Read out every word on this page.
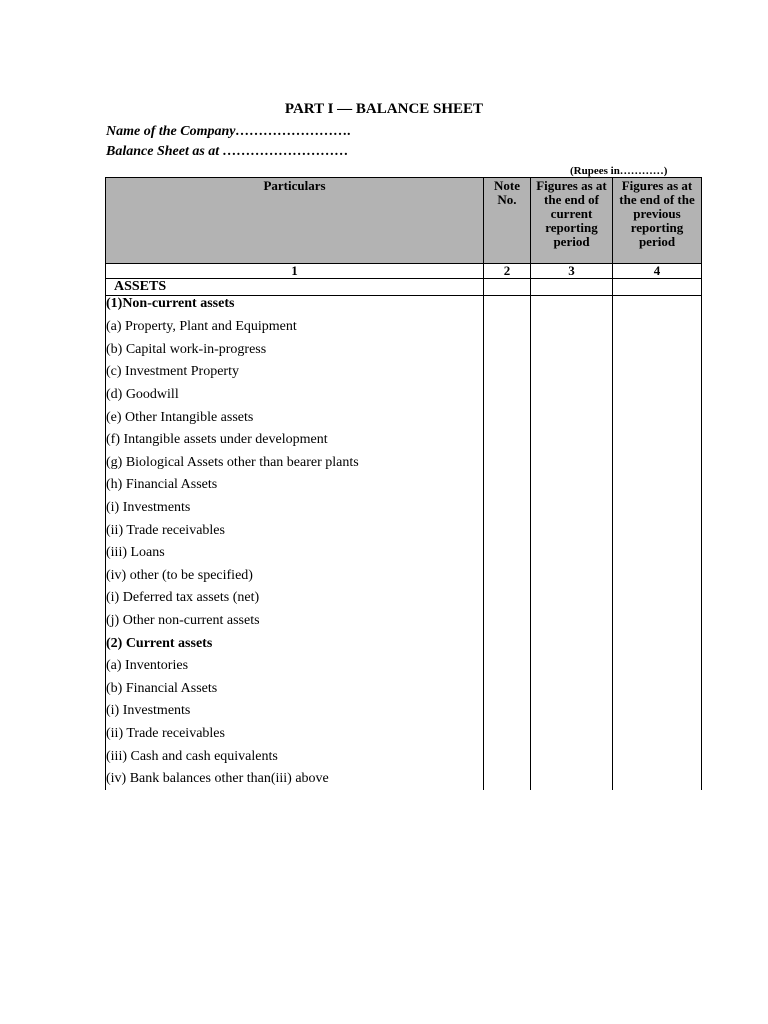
PART I — BALANCE SHEET
Name of the Company…………………….
Balance Sheet as at ………………………
(Rupees in…………)
Particulars	Note No.	Figures as at the end of current reporting period	Figures as at the end of the previous reporting period
1	2	3	4
ASSETS			
(1)Non-current assets			
(a) Property, Plant and Equipment			
(b) Capital work-in-progress			
(c) Investment Property			
(d) Goodwill			
(e) Other Intangible assets			
(f) Intangible assets under development			
(g) Biological Assets other than bearer plants			
(h) Financial Assets			
(i) Investments			
(ii) Trade receivables			
(iii) Loans			
(iv) other (to be specified)			
(i) Deferred tax assets (net)			
(j) Other non-current assets			
(2) Current assets			
(a) Inventories			
(b) Financial Assets			
(i) Investments			
(ii) Trade receivables			
(iii) Cash and cash equivalents			
(iv) Bank balances other than(iii) above			
